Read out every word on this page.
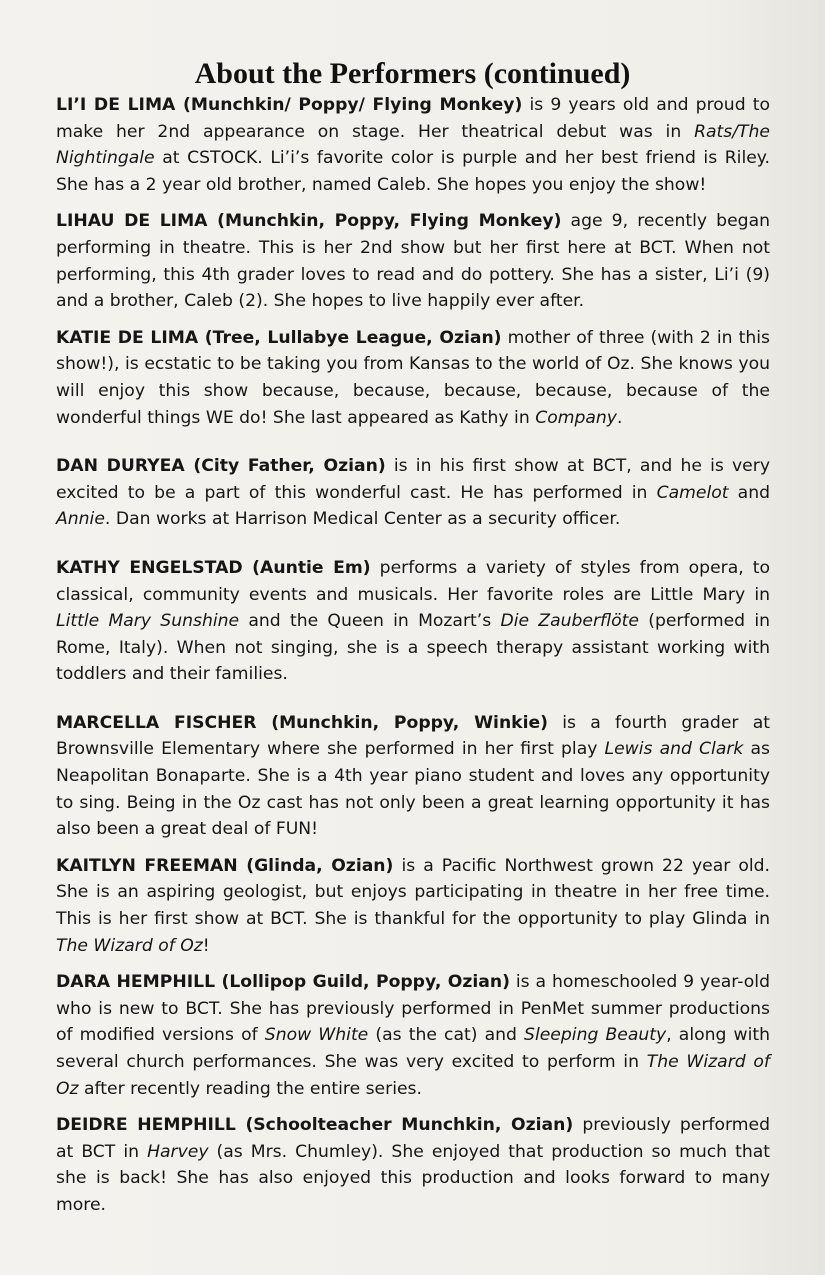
About the Performers (continued)

LI’I DE LIMA (Munchkin/ Poppy/ Flying Monkey) is 9 years old and proud to make her 2nd appearance on stage. Her theatrical debut was in Rats/The Nightingale at CSTOCK. Li’i’s favorite color is purple and her best friend is Riley. She has a 2 year old brother, named Caleb. She hopes you enjoy the show!

LIHAU DE LIMA (Munchkin, Poppy, Flying Monkey) age 9, recently began performing in theatre. This is her 2nd show but her first here at BCT. When not performing, this 4th grader loves to read and do pottery. She has a sister, Li’i (9) and a brother, Caleb (2). She hopes to live happily ever after.

KATIE DE LIMA (Tree, Lullabye League, Ozian) mother of three (with 2 in this show!), is ecstatic to be taking you from Kansas to the world of Oz. She knows you will enjoy this show because, because, because, because, because of the wonderful things WE do! She last appeared as Kathy in Company.

DAN DURYEA (City Father, Ozian) is in his first show at BCT, and he is very excited to be a part of this wonderful cast. He has performed in Camelot and Annie. Dan works at Harrison Medical Center as a security officer.

KATHY ENGELSTAD (Auntie Em) performs a variety of styles from opera, to classical, community events and musicals. Her favorite roles are Little Mary in Little Mary Sunshine and the Queen in Mozart’s Die Zauberflöte (performed in Rome, Italy). When not singing, she is a speech therapy assistant working with toddlers and their families.

MARCELLA FISCHER (Munchkin, Poppy, Winkie) is a fourth grader at Brownsville Elementary where she performed in her first play Lewis and Clark as Neapolitan Bonaparte. She is a 4th year piano student and loves any opportunity to sing. Being in the Oz cast has not only been a great learning opportunity it has also been a great deal of FUN!

KAITLYN FREEMAN (Glinda, Ozian) is a Pacific Northwest grown 22 year old. She is an aspiring geologist, but enjoys participating in theatre in her free time. This is her first show at BCT. She is thankful for the opportunity to play Glinda in The Wizard of Oz!

DARA HEMPHILL (Lollipop Guild, Poppy, Ozian) is a homeschooled 9 year-old who is new to BCT. She has previously performed in PenMet summer productions of modified versions of Snow White (as the cat) and Sleeping Beauty, along with several church performances. She was very excited to perform in The Wizard of Oz after recently reading the entire series.

DEIDRE HEMPHILL (Schoolteacher Munchkin, Ozian) previously performed at BCT in Harvey (as Mrs. Chumley). She enjoyed that production so much that she is back! She has also enjoyed this production and looks forward to many more.
